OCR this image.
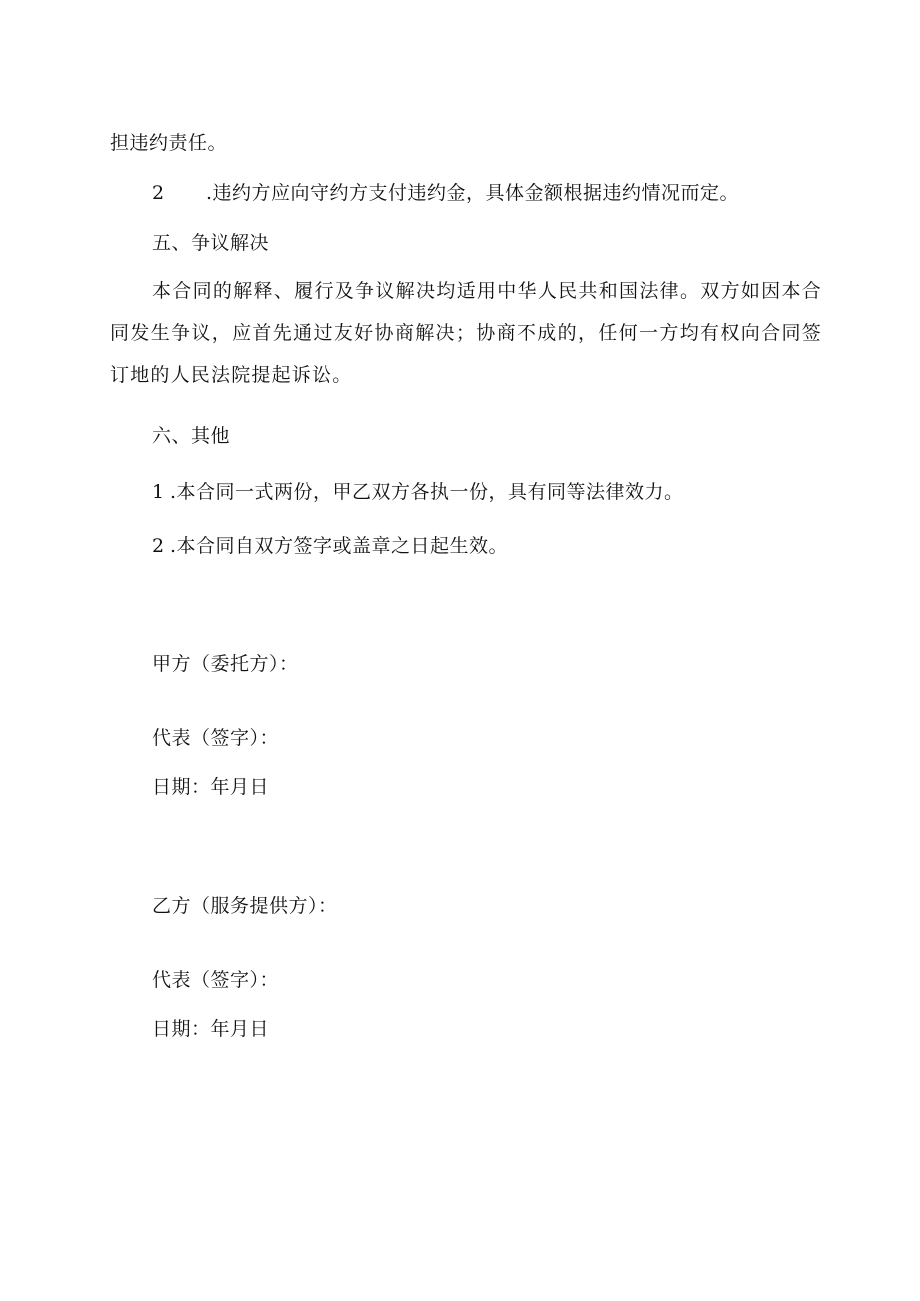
担违约责任。
2 .违约方应向守约方支付违约金，具体金额根据违约情况而定。
五、争议解决

本合同的解释、履行及争议解决均适用中华人民共和国法律。双方如因本合同发生争议，应首先通过友好协商解决；协商不成的，任何一方均有权向合同签订地的人民法院提起诉讼。

六、其他
1 .本合同一式两份，甲乙双方各执一份，具有同等法律效力。
2 .本合同自双方签字或盖章之日起生效。
甲方（委托方）：
代表（签字）：
日期：年月日
乙方（服务提供方）：
代表（签字）：
日期：年月日
